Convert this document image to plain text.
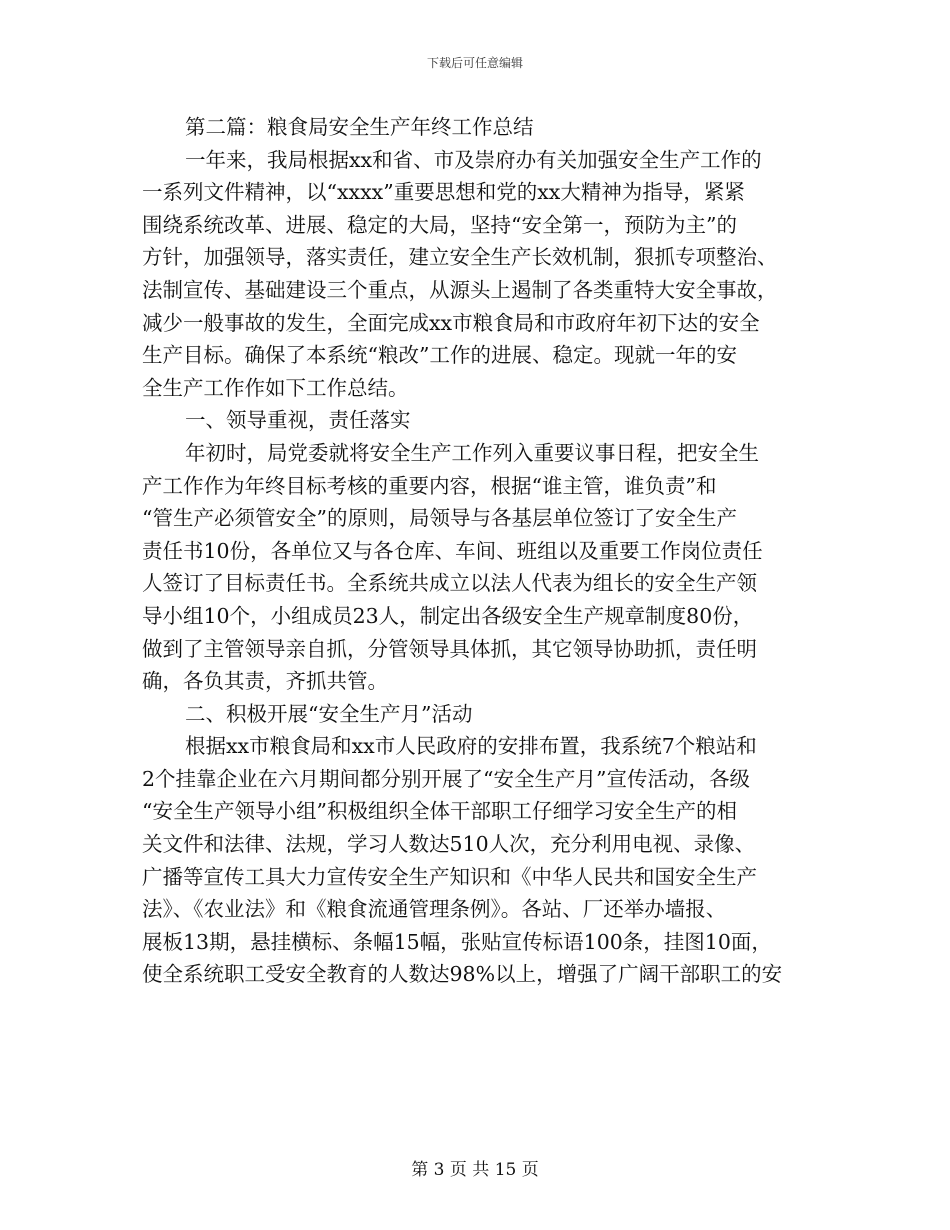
下载后可任意编辑
第二篇：粮食局安全生产年终工作总结
一年来，我局根据xx和省、市及崇府办有关加强安全生产工作的
一系列文件精神，以“xxxx”重要思想和党的xx大精神为指导，紧紧
围绕系统改革、进展、稳定的大局，坚持“安全第一，预防为主”的
方针，加强领导，落实责任，建立安全生产长效机制，狠抓专项整治、
法制宣传、基础建设三个重点，从源头上遏制了各类重特大安全事故，
减少一般事故的发生，全面完成xx市粮食局和市政府年初下达的安全
生产目标。确保了本系统“粮改”工作的进展、稳定。现就一年的安
全生产工作作如下工作总结。
一、领导重视，责任落实
年初时，局党委就将安全生产工作列入重要议事日程，把安全生
产工作作为年终目标考核的重要内容，根据“谁主管，谁负责”和
“管生产必须管安全”的原则，局领导与各基层单位签订了安全生产
责任书10份，各单位又与各仓库、车间、班组以及重要工作岗位责任
人签订了目标责任书。全系统共成立以法人代表为组长的安全生产领
导小组10个，小组成员23人，制定出各级安全生产规章制度80份，
做到了主管领导亲自抓，分管领导具体抓，其它领导协助抓，责任明
确，各负其责，齐抓共管。
二、积极开展“安全生产月”活动
根据xx市粮食局和xx市人民政府的安排布置，我系统7个粮站和
2个挂靠企业在六月期间都分别开展了“安全生产月”宣传活动，各级
“安全生产领导小组”积极组织全体干部职工仔细学习安全生产的相
关文件和法律、法规，学习人数达510人次，充分利用电视、录像、
广播等宣传工具大力宣传安全生产知识和《中华人民共和国安全生产
法》、《农业法》和《粮食流通管理条例》。各站、厂还举办墙报、
展板13期，悬挂横标、条幅15幅，张贴宣传标语100条，挂图10面，
使全系统职工受安全教育的人数达98%以上，增强了广阔干部职工的安
第 3 页 共 15 页
